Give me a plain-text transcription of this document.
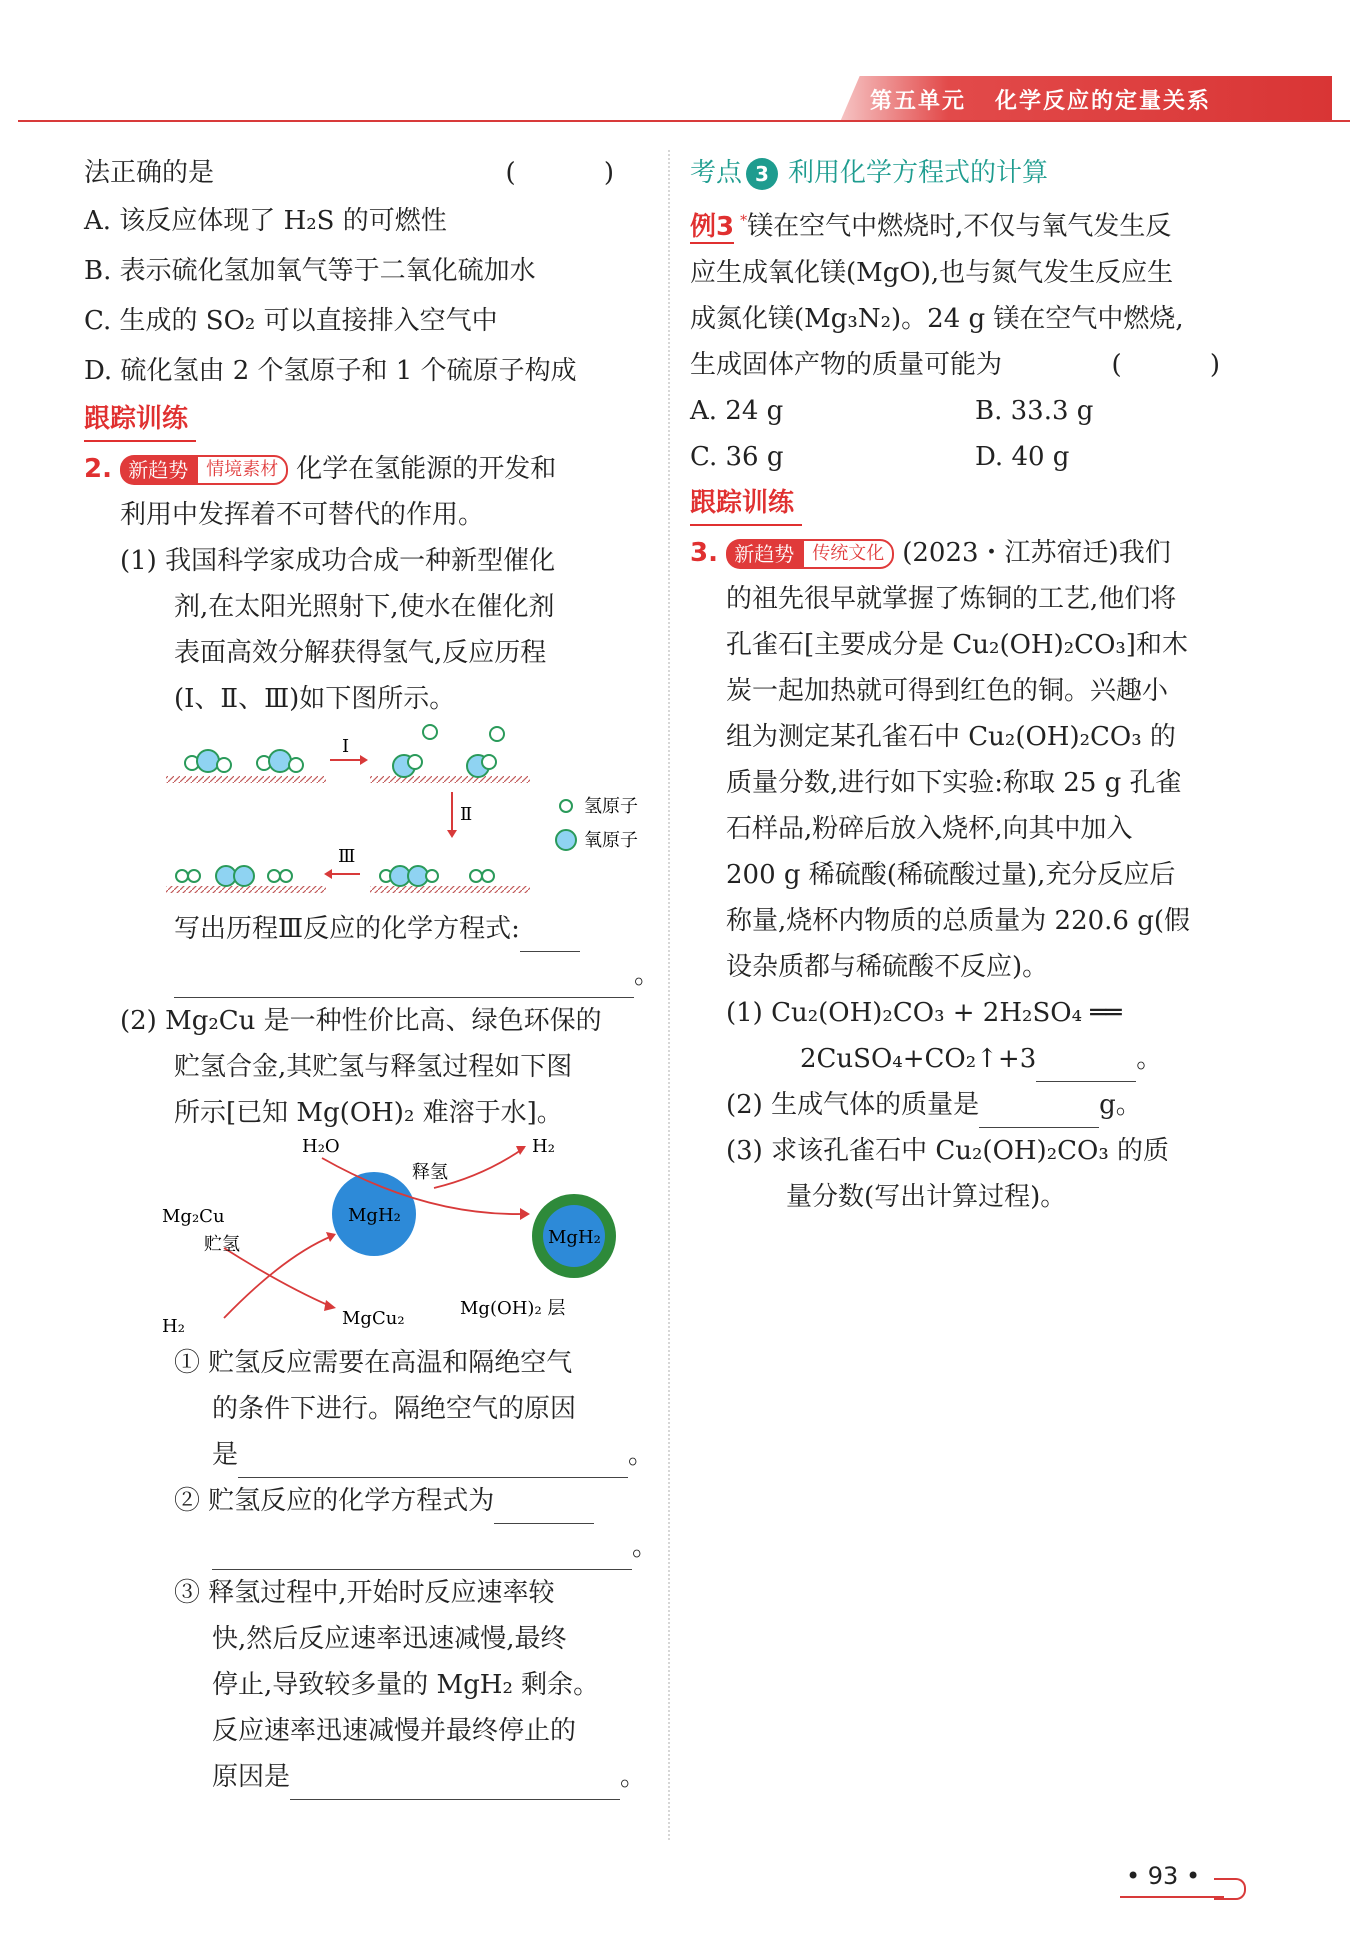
第五单元 化学反应的定量关系
法正确的是	( )
A. 该反应体现了 H₂S 的可燃性
B. 表示硫化氢加氧气等于二氧化硫加水
C. 生成的 SO₂ 可以直接排入空气中
D. 硫化氢由 2 个氢原子和 1 个硫原子构成
跟踪训练
2. 新趋势 情境素材 化学在氢能源的开发和
利用中发挥着不可替代的作用。
(1) 我国科学家成功合成一种新型催化
剂,在太阳光照射下,使水在催化剂
表面高效分解获得氢气,反应历程
(Ⅰ、Ⅱ、Ⅲ)如下图所示。
Ⅰ
Ⅱ
Ⅲ
氢原子
氧原子
写出历程Ⅲ反应的化学方程式:
。
(2) Mg₂Cu 是一种性价比高、绿色环保的
贮氢合金,其贮氢与释氢过程如下图
所示[已知 Mg(OH)₂ 难溶于水]。
MgH₂
MgH₂
H₂O
释氢
H₂
Mg₂Cu
贮氢
H₂	MgCu₂	Mg(OH)₂ 层
① 贮氢反应需要在高温和隔绝空气
的条件下进行。隔绝空气的原因
是	。
② 贮氢反应的化学方程式为
。
③ 释氢过程中,开始时反应速率较
快,然后反应速率迅速减慢,最终
停止,导致较多量的 MgH₂ 剩余。
反应速率迅速减慢并最终停止的
原因是	。
考点 3 利用化学方程式的计算
例3 *镁在空气中燃烧时,不仅与氧气发生反
应生成氧化镁(MgO),也与氮气发生反应生
成氮化镁(Mg₃N₂)。24 g 镁在空气中燃烧,
生成固体产物的质量可能为	( )
A. 24 g	B. 33.3 g
C. 36 g	D. 40 g
跟踪训练
3. 新趋势 传统文化 (2023・江苏宿迁)我们
的祖先很早就掌握了炼铜的工艺,他们将
孔雀石[主要成分是 Cu₂(OH)₂CO₃]和木
炭一起加热就可得到红色的铜。兴趣小
组为测定某孔雀石中 Cu₂(OH)₂CO₃ 的
质量分数,进行如下实验:称取 25 g 孔雀
石样品,粉碎后放入烧杯,向其中加入
200 g 稀硫酸(稀硫酸过量),充分反应后
称量,烧杯内物质的总质量为 220.6 g(假
设杂质都与稀硫酸不反应)。
(1) Cu₂(OH)₂CO₃ + 2H₂SO₄ ══
2CuSO₄+CO₂↑+3	。
(2) 生成气体的质量是	g。
(3) 求该孔雀石中 Cu₂(OH)₂CO₃ 的质
量分数(写出计算过程)。
• 93 •
